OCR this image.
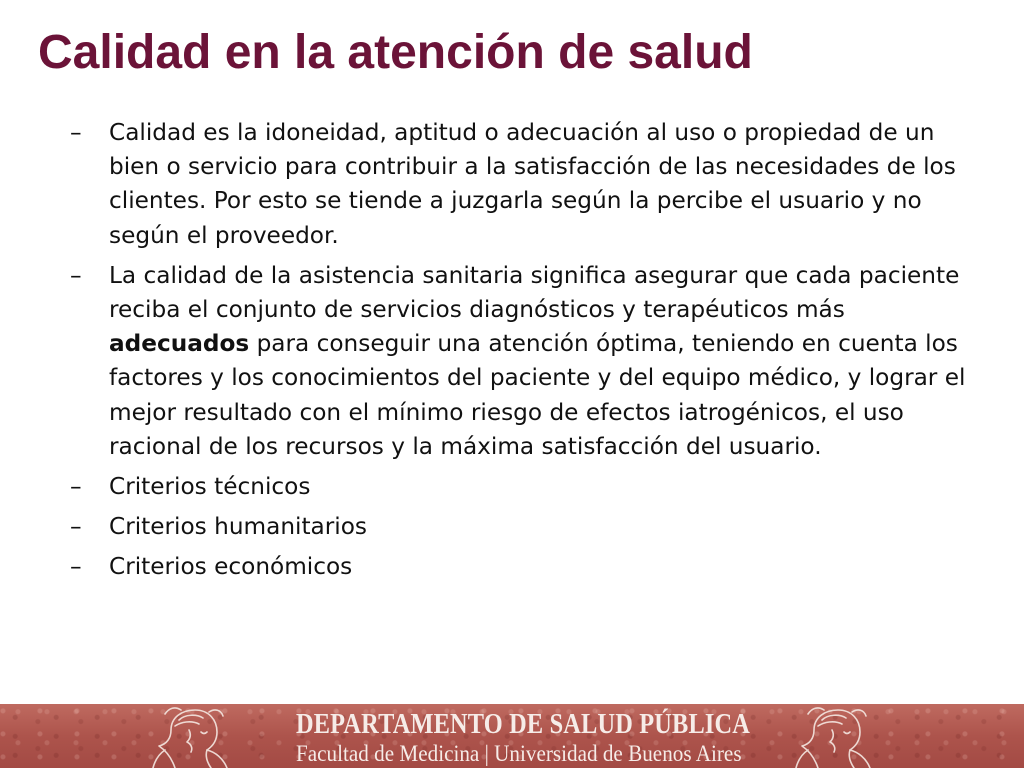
Calidad en la atención de salud
– Calidad es la idoneidad, aptitud o adecuación al uso o propiedad de un bien o servicio para contribuir a la satisfacción de las necesidades de los clientes. Por esto se tiende a juzgarla según la percibe el usuario y no según el proveedor.
– La calidad de la asistencia sanitaria significa asegurar que cada paciente reciba el conjunto de servicios diagnósticos y terapéuticos más adecuados para conseguir una atención óptima, teniendo en cuenta los factores y los conocimientos del paciente y del equipo médico, y lograr el mejor resultado con el mínimo riesgo de efectos iatrogénicos, el uso racional de los recursos y la máxima satisfacción del usuario.
– Criterios técnicos
– Criterios humanitarios
– Criterios económicos
DEPARTAMENTO DE SALUD PÚBLICA
Facultad de Medicina | Universidad de Buenos Aires
